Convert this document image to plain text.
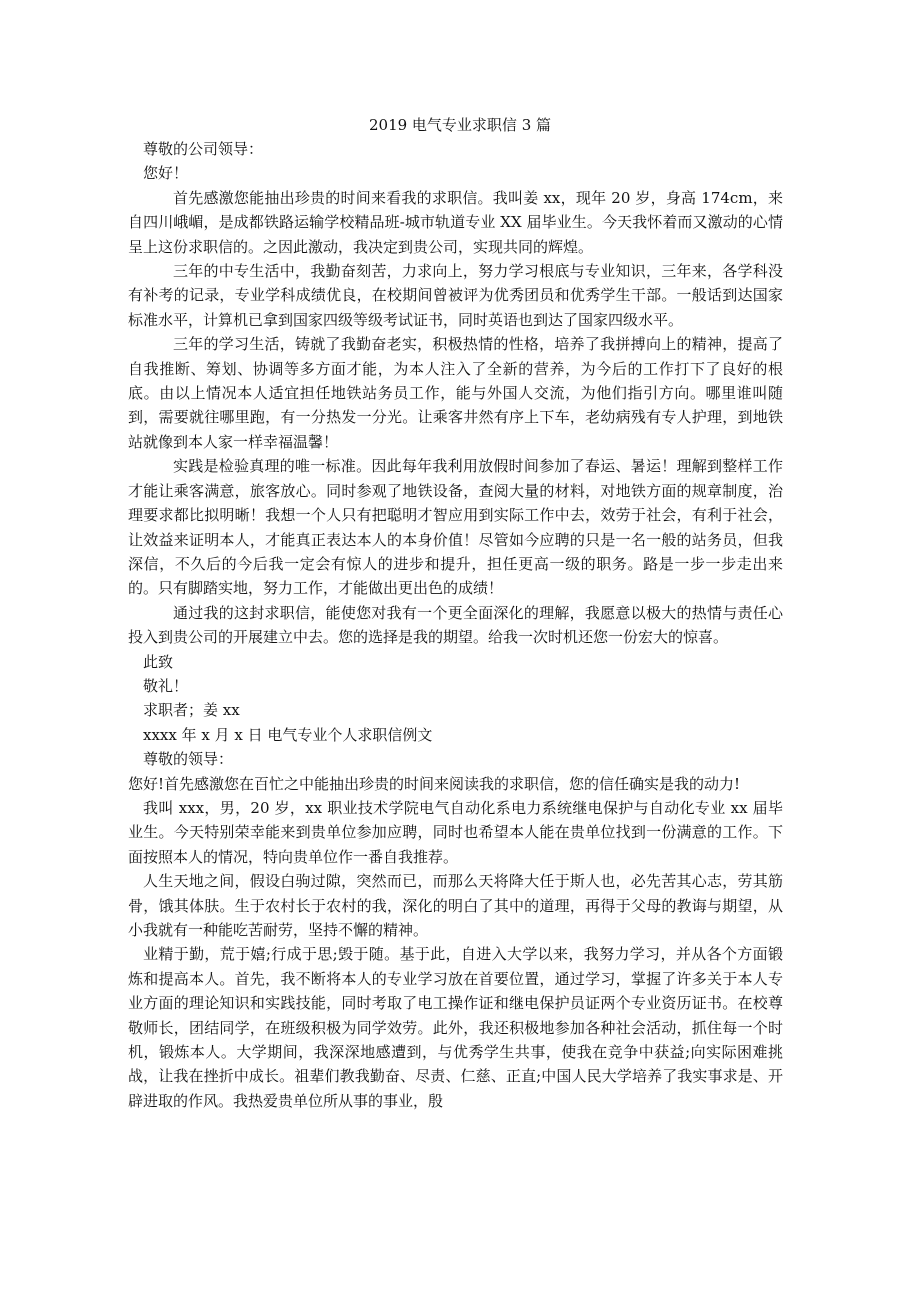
2019 电气专业求职信 3 篇

尊敬的公司领导：

您好！

首先感激您能抽出珍贵的时间来看我的求职信。我叫姜 xx，现年 20 岁，身高 174cm，来自四川峨嵋，是成都铁路运输学校精品班-城市轨道专业 XX 届毕业生。今天我怀着而又激动的心情呈上这份求职信的。之因此激动，我决定到贵公司，实现共同的辉煌。

三年的中专生活中，我勤奋刻苦，力求向上，努力学习根底与专业知识，三年来，各学科没有补考的记录，专业学科成绩优良，在校期间曾被评为优秀团员和优秀学生干部。一般话到达国家标准水平，计算机已拿到国家四级等级考试证书，同时英语也到达了国家四级水平。

三年的学习生活，铸就了我勤奋老实，积极热情的性格，培养了我拼搏向上的精神，提高了自我推断、筹划、协调等多方面才能，为本人注入了全新的营养，为今后的工作打下了良好的根底。由以上情况本人适宜担任地铁站务员工作，能与外国人交流，为他们指引方向。哪里谁叫随到，需要就往哪里跑，有一分热发一分光。让乘客井然有序上下车，老幼病残有专人护理，到地铁站就像到本人家一样幸福温馨！

实践是检验真理的唯一标准。因此每年我利用放假时间参加了春运、暑运！理解到整样工作才能让乘客满意，旅客放心。同时参观了地铁设备，查阅大量的材料，对地铁方面的规章制度，治理要求都比拟明晰！我想一个人只有把聪明才智应用到实际工作中去，效劳于社会，有利于社会，让效益来证明本人，才能真正表达本人的本身价值！尽管如今应聘的只是一名一般的站务员，但我深信，不久后的今后我一定会有惊人的进步和提升，担任更高一级的职务。路是一步一步走出来的。只有脚踏实地，努力工作，才能做出更出色的成绩！

通过我的这封求职信，能使您对我有一个更全面深化的理解，我愿意以极大的热情与责任心投入到贵公司的开展建立中去。您的选择是我的期望。给我一次时机还您一份宏大的惊喜。

此致

敬礼！

求职者；姜 xx

xxxx 年 x 月 x 日 电气专业个人求职信例文

尊敬的领导：

您好!首先感激您在百忙之中能抽出珍贵的时间来阅读我的求职信，您的信任确实是我的动力!

我叫 xxx，男，20 岁，xx 职业技术学院电气自动化系电力系统继电保护与自动化专业 xx 届毕业生。今天特别荣幸能来到贵单位参加应聘，同时也希望本人能在贵单位找到一份满意的工作。下面按照本人的情况，特向贵单位作一番自我推荐。

人生天地之间，假设白驹过隙，突然而已，而那么天将降大任于斯人也，必先苦其心志，劳其筋骨，饿其体肤。生于农村长于农村的我，深化的明白了其中的道理，再得于父母的教诲与期望，从小我就有一种能吃苦耐劳，坚持不懈的精神。

业精于勤，荒于嬉;行成于思;毁于随。基于此，自进入大学以来，我努力学习，并从各个方面锻炼和提高本人。首先，我不断将本人的专业学习放在首要位置，通过学习，掌握了许多关于本人专业方面的理论知识和实践技能，同时考取了电工操作证和继电保护员证两个专业资历证书。在校尊敬师长，团结同学，在班级积极为同学效劳。此外，我还积极地参加各种社会活动，抓住每一个时机，锻炼本人。大学期间，我深深地感遭到，与优秀学生共事，使我在竞争中获益;向实际困难挑战，让我在挫折中成长。祖辈们教我勤奋、尽责、仁慈、正直;中国人民大学培养了我实事求是、开辟进取的作风。我热爱贵单位所从事的事业，殷
